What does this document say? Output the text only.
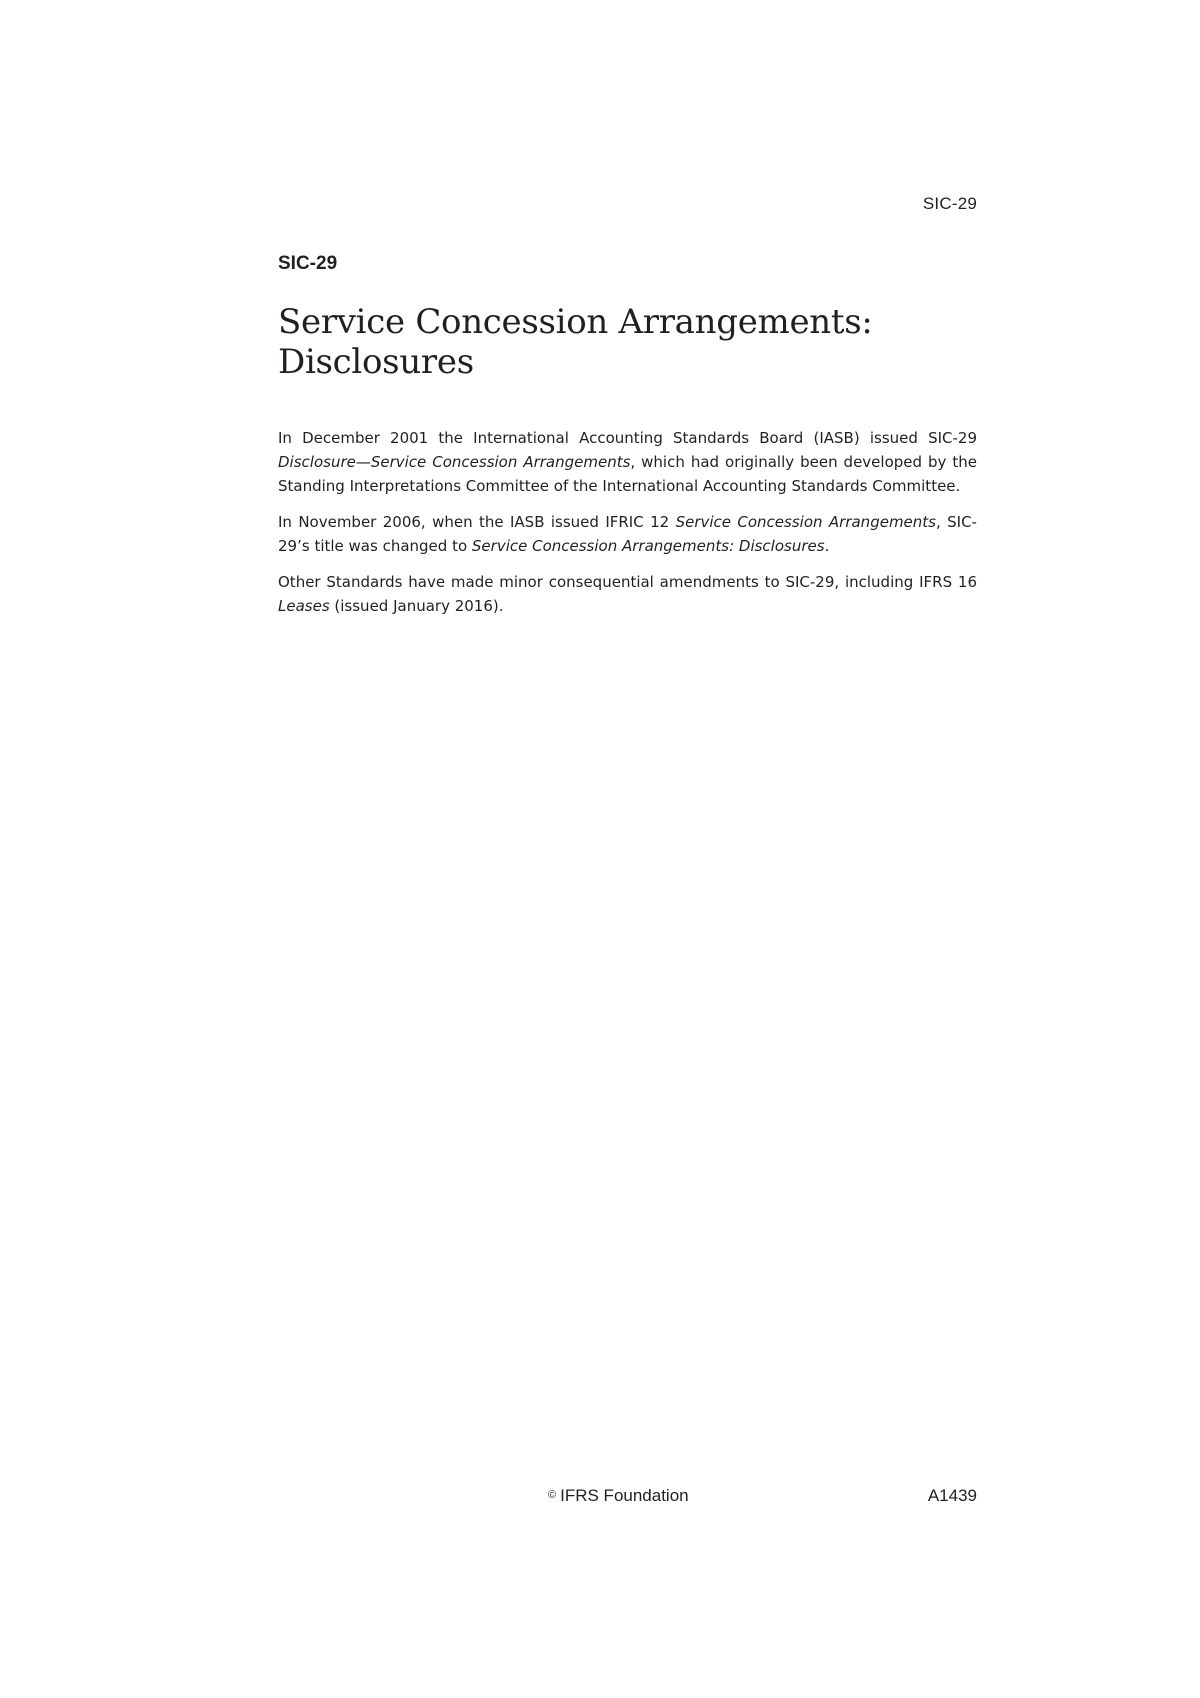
SIC-29
SIC-29
Service Concession Arrangements: Disclosures

In December 2001 the International Accounting Standards Board (IASB) issued SIC-29 Disclosure—Service Concession Arrangements, which had originally been developed by the Standing Interpretations Committee of the International Accounting Standards Committee.

In November 2006, when the IASB issued IFRIC 12 Service Concession Arrangements, SIC-29’s title was changed to Service Concession Arrangements: Disclosures.

Other Standards have made minor consequential amendments to SIC-29, including IFRS 16 Leases (issued January 2016).

© IFRS Foundation	A1439
